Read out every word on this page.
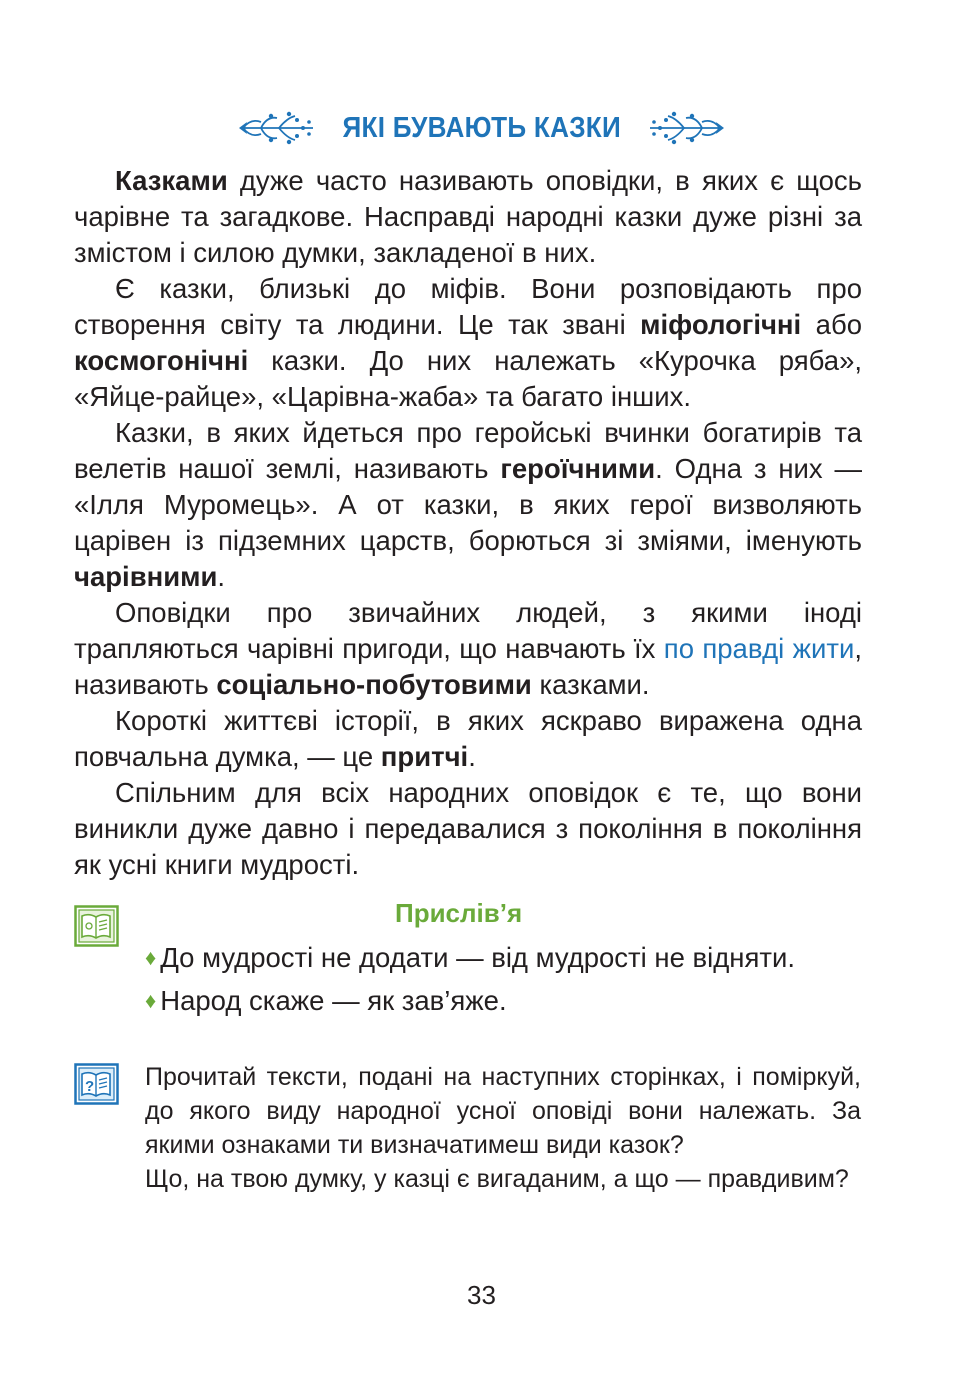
ЯКІ БУВАЮТЬ КАЗКИ

Казками дуже часто називають оповідки, в яких є щось чарівне та загадкове. Насправді народні казки дуже різні за змістом і силою думки, закладеної в них.

Є казки, близькі до міфів. Вони розповідають про створення світу та людини. Це так звані міфологічні або космогонічні казки. До них належать «Курочка ряба», «Яйце-райце», «Царівна-жаба» та багато інших.

Казки, в яких йдеться про геройські вчинки богатирів та велетів нашої землі, називають героїчними. Одна з них — «Ілля Муромець». А от казки, в яких герої визволяють царівен із підземних царств, борються зі зміями, іменують чарівними.

Оповідки про звичайних людей, з якими іноді трапляються чарівні пригоди, що навчають їх по правді жити, називають соціально-побутовими казками.

Короткі життєві історії, в яких яскраво виражена одна повчальна думка, — це притчі.

Спільним для всіх народних оповідок є те, що вони виникли дуже давно і передавалися з покоління в покоління як усні книги мудрості.

Прислів’я
♦ До мудрості не додати — від мудрості не відняти.
♦ Народ скаже — як зав’яже.
? Прочитай тексти, подані на наступних сторінках, і поміркуй, до якого виду народної усної оповіді вони належать. За якими ознаками ти визначатимеш види казок?

Що, на твою думку, у казці є вигаданим, а що — правдивим?

33
